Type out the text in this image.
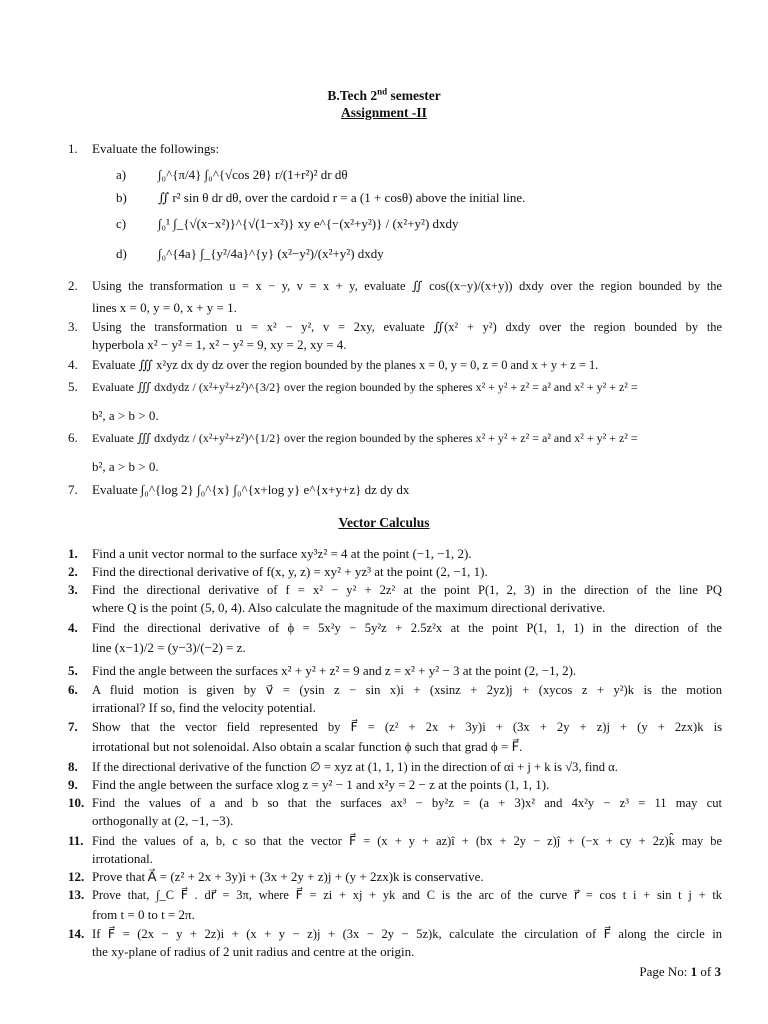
B.Tech 2nd semester
Assignment -II
1. Evaluate the followings:
a) ∫₀^{π/4} ∫₀^{√cos 2θ} r/(1+r²)² dr dθ
b) ∬ r² sin θ dr dθ, over the cardoid r = a (1 + cosθ) above the initial line.
c) ∫₀¹ ∫_{√(x−x²)}^{√(1−x²)} xy e^{−(x²+y²)} / (x²+y²) dxdy
d) ∫₀^{4a} ∫_{y²/4a}^{y} (x²−y²)/(x²+y²) dxdy
2. Using the transformation u = x − y, v = x + y, evaluate ∬ cos((x−y)/(x+y)) dxdy over the region bounded by the
lines x = 0, y = 0, x + y = 1.
3. Using the transformation u = x² − y², v = 2xy, evaluate ∬(x² + y²) dxdy over the region bounded by the
hyperbola x² − y² = 1, x² − y² = 9, xy = 2, xy = 4.
4. Evaluate ∭ x²yz dx dy dz over the region bounded by the planes x = 0, y = 0, z = 0 and x + y + z = 1.
5. Evaluate ∭ dxdydz / (x²+y²+z²)^{3/2} over the region bounded by the spheres x² + y² + z² = a² and x² + y² + z² =
b², a > b > 0.
6. Evaluate ∭ dxdydz / (x²+y²+z²)^{1/2} over the region bounded by the spheres x² + y² + z² = a² and x² + y² + z² =
b², a > b > 0.
7. Evaluate ∫₀^{log 2} ∫₀^{x} ∫₀^{x+log y} e^{x+y+z} dz dy dx
Vector Calculus
1. Find a unit vector normal to the surface xy³z² = 4 at the point (−1, −1, 2).
2. Find the directional derivative of f(x, y, z) = xy² + yz³ at the point (2, −1, 1).
3. Find the directional derivative of f = x² − y² + 2z² at the point P(1, 2, 3) in the direction of the line PQ
where Q is the point (5, 0, 4). Also calculate the magnitude of the maximum directional derivative.
4. Find the directional derivative of ϕ = 5x²y − 5y²z + 2.5z²x at the point P(1, 1, 1) in the direction of the
line (x−1)/2 = (y−3)/(−2) = z.
5. Find the angle between the surfaces x² + y² + z² = 9 and z = x² + y² − 3 at the point (2, −1, 2).
6. A fluid motion is given by v⃗ = (ysin z − sin x)i + (xsinz + 2yz)j + (xycos z + y²)k is the motion
irrational? If so, find the velocity potential.
7. Show that the vector field represented by F⃗ = (z² + 2x + 3y)i + (3x + 2y + z)j + (y + 2zx)k is
irrotational but not solenoidal. Also obtain a scalar function ϕ such that grad ϕ = F⃗.
8. If the directional derivative of the function ∅ = xyz at (1, 1, 1) in the direction of αi + j + k is √3, find α.
9. Find the angle between the surface xlog z = y² − 1 and x²y = 2 − z at the points (1, 1, 1).
10. Find the values of a and b so that the surfaces ax³ − by²z = (a + 3)x² and 4x²y − z³ = 11 may cut
orthogonally at (2, −1, −3).
11. Find the values of a, b, c so that the vector F⃗ = (x + y + az)î + (bx + 2y − z)ĵ + (−x + cy + 2z)k̂ may be
irrotational.
12. Prove that A⃗ = (z² + 2x + 3y)i + (3x + 2y + z)j + (y + 2zx)k is conservative.
13. Prove that, ∫_C F⃗ . dr⃗ = 3π, where F⃗ = zi + xj + yk and C is the arc of the curve r⃗ = cos t i + sin t j + tk
from t = 0 to t = 2π.
14. If F⃗ = (2x − y + 2z)i + (x + y − z)j + (3x − 2y − 5z)k, calculate the circulation of F⃗ along the circle in
the xy-plane of radius of 2 unit radius and centre at the origin.
Page No: 1 of 3
